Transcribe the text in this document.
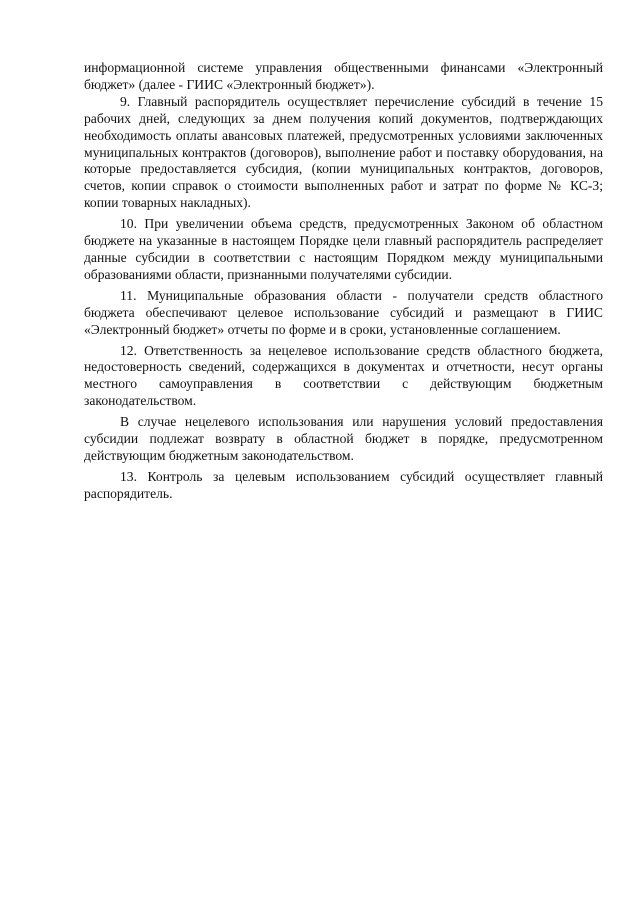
информационной системе управления общественными финансами «Электронный бюджет» (далее - ГИИС «Электронный бюджет»).

9. Главный распорядитель осуществляет перечисление субсидий в течение 15 рабочих дней, следующих за днем получения копий документов, подтверждающих необходимость оплаты авансовых платежей, предусмотренных условиями заключенных муниципальных контрактов (договоров), выполнение работ и поставку оборудования, на которые предоставляется субсидия, (копии муниципальных контрактов, договоров, счетов, копии справок о стоимости выполненных работ и затрат по форме № КС-3; копии товарных накладных).

10. При увеличении объема средств, предусмотренных Законом об областном бюджете на указанные в настоящем Порядке цели главный распорядитель распределяет данные субсидии в соответствии с настоящим Порядком между муниципальными образованиями области, признанными получателями субсидии.

11. Муниципальные образования области - получатели средств областного бюджета обеспечивают целевое использование субсидий и размещают в ГИИС «Электронный бюджет» отчеты по форме и в сроки, установленные соглашением.

12. Ответственность за нецелевое использование средств областного бюджета, недостоверность сведений, содержащихся в документах и отчетности, несут органы местного самоуправления в соответствии с действующим бюджетным законодательством.

В случае нецелевого использования или нарушения условий предоставления субсидии подлежат возврату в областной бюджет в порядке, предусмотренном действующим бюджетным законодательством.

13. Контроль за целевым использованием субсидий осуществляет главный распорядитель.
